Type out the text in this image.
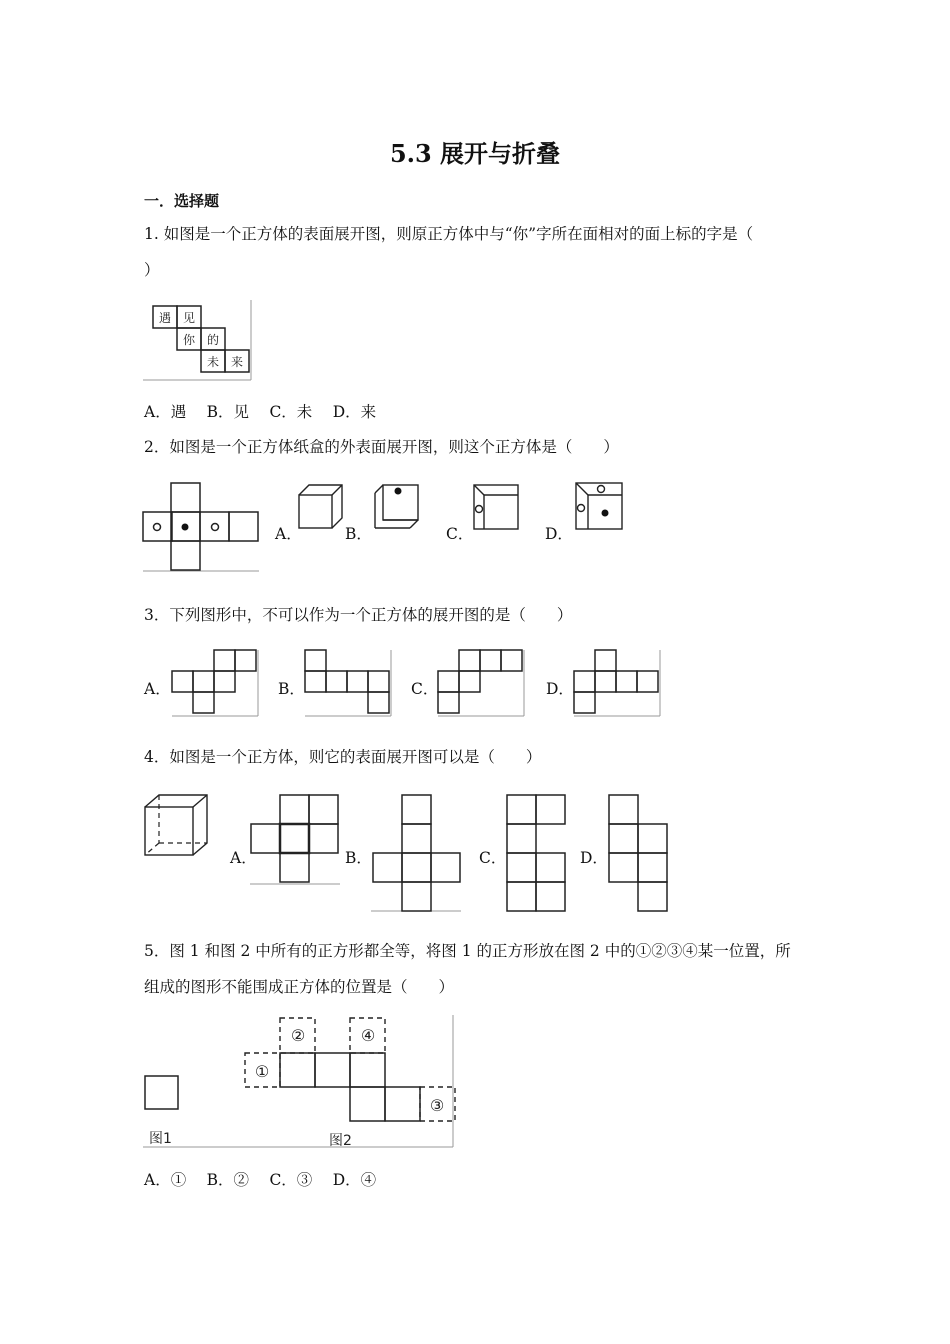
5.3 展开与折叠
一．选择题
1. 如图是一个正方体的表面展开图，则原正方体中与“你”字所在面相对的面上标的字是（
）
遇 见
你 的
未 来
A．遇　 B．见　 C．未　 D．来
2．如图是一个正方体纸盒的外表面展开图，则这个正方体是（　　）
A．	B．	C．	D．
3．下列图形中，不可以作为一个正方体的展开图的是（　　）
A．	B．	C．	D．
4．如图是一个正方体，则它的表面展开图可以是（　　）
A．	B．	C．	D．
5．图 1 和图 2 中所有的正方形都全等，将图 1 的正方形放在图 2 中的①②③④某一位置，所
组成的图形不能围成正方体的位置是（　　）
①
②
③
④
图1	图2
A．①　 B．②　 C．③　 D．④
